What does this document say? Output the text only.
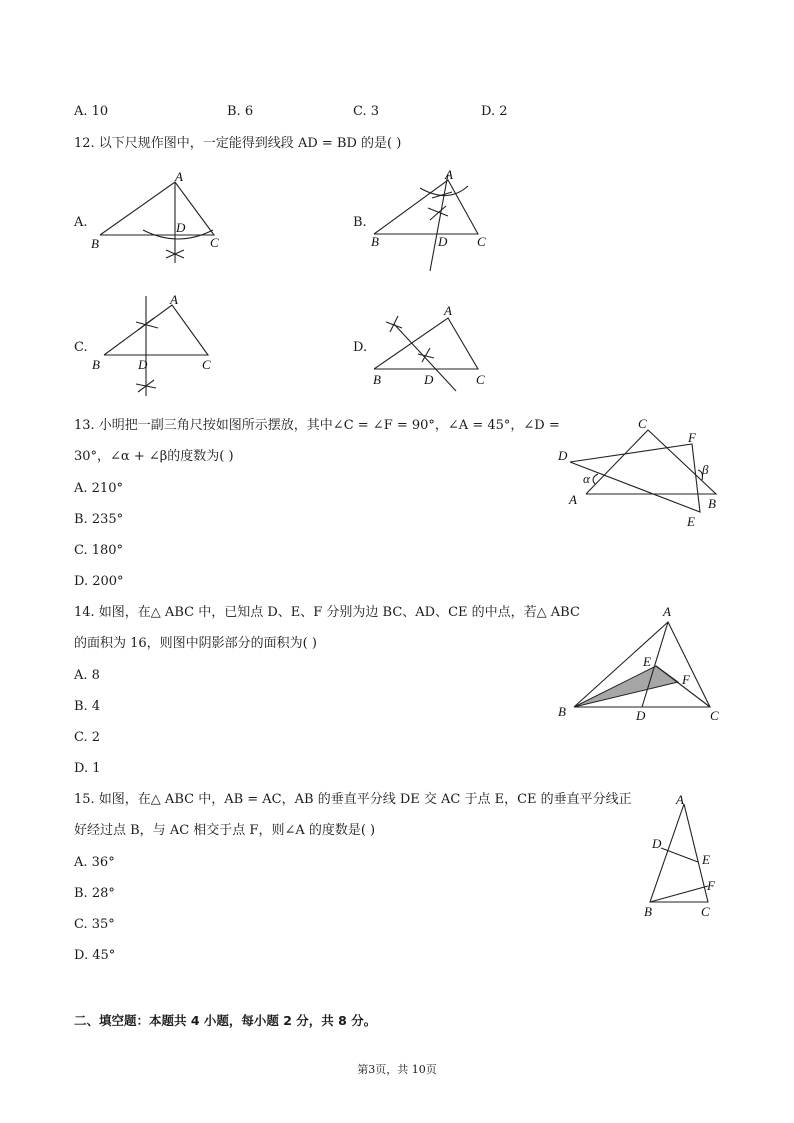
A. 10	B. 6	C. 3	D. 2
12. 以下尺规作图中，一定能得到线段 AD = BD 的是( )
A.
A
B	C
D	B.
A
B	C
D
C.
A
B	C
D
D.
A
B	C
D
13. 小明把一副三角尺按如图所示摆放，其中∠C = ∠F = 90°，∠A = 45°，∠D =
30°，∠α + ∠β的度数为( )
A. 210°
B. 235°
C. 180°
D. 200°
C
F
D
α
β
A	B
E
14. 如图，在△ ABC 中，已知点 D、E、F 分别为边 BC、AD、CE 的中点，若△ ABC
的面积为 16，则图中阴影部分的面积为( )
A. 8
B. 4
C. 2
D. 1
A
E
F
B	D	C
15. 如图，在△ ABC 中，AB = AC，AB 的垂直平分线 DE 交 AC 于点 E，CE 的垂直平分线正
好经过点 B，与 AC 相交于点 F，则∠A 的度数是( )
A. 36°
B. 28°
C. 35°
D. 45°
A
D
E
F
B	C
二、填空题：本题共 4 小题，每小题 2 分，共 8 分。
第3页，共 10页
